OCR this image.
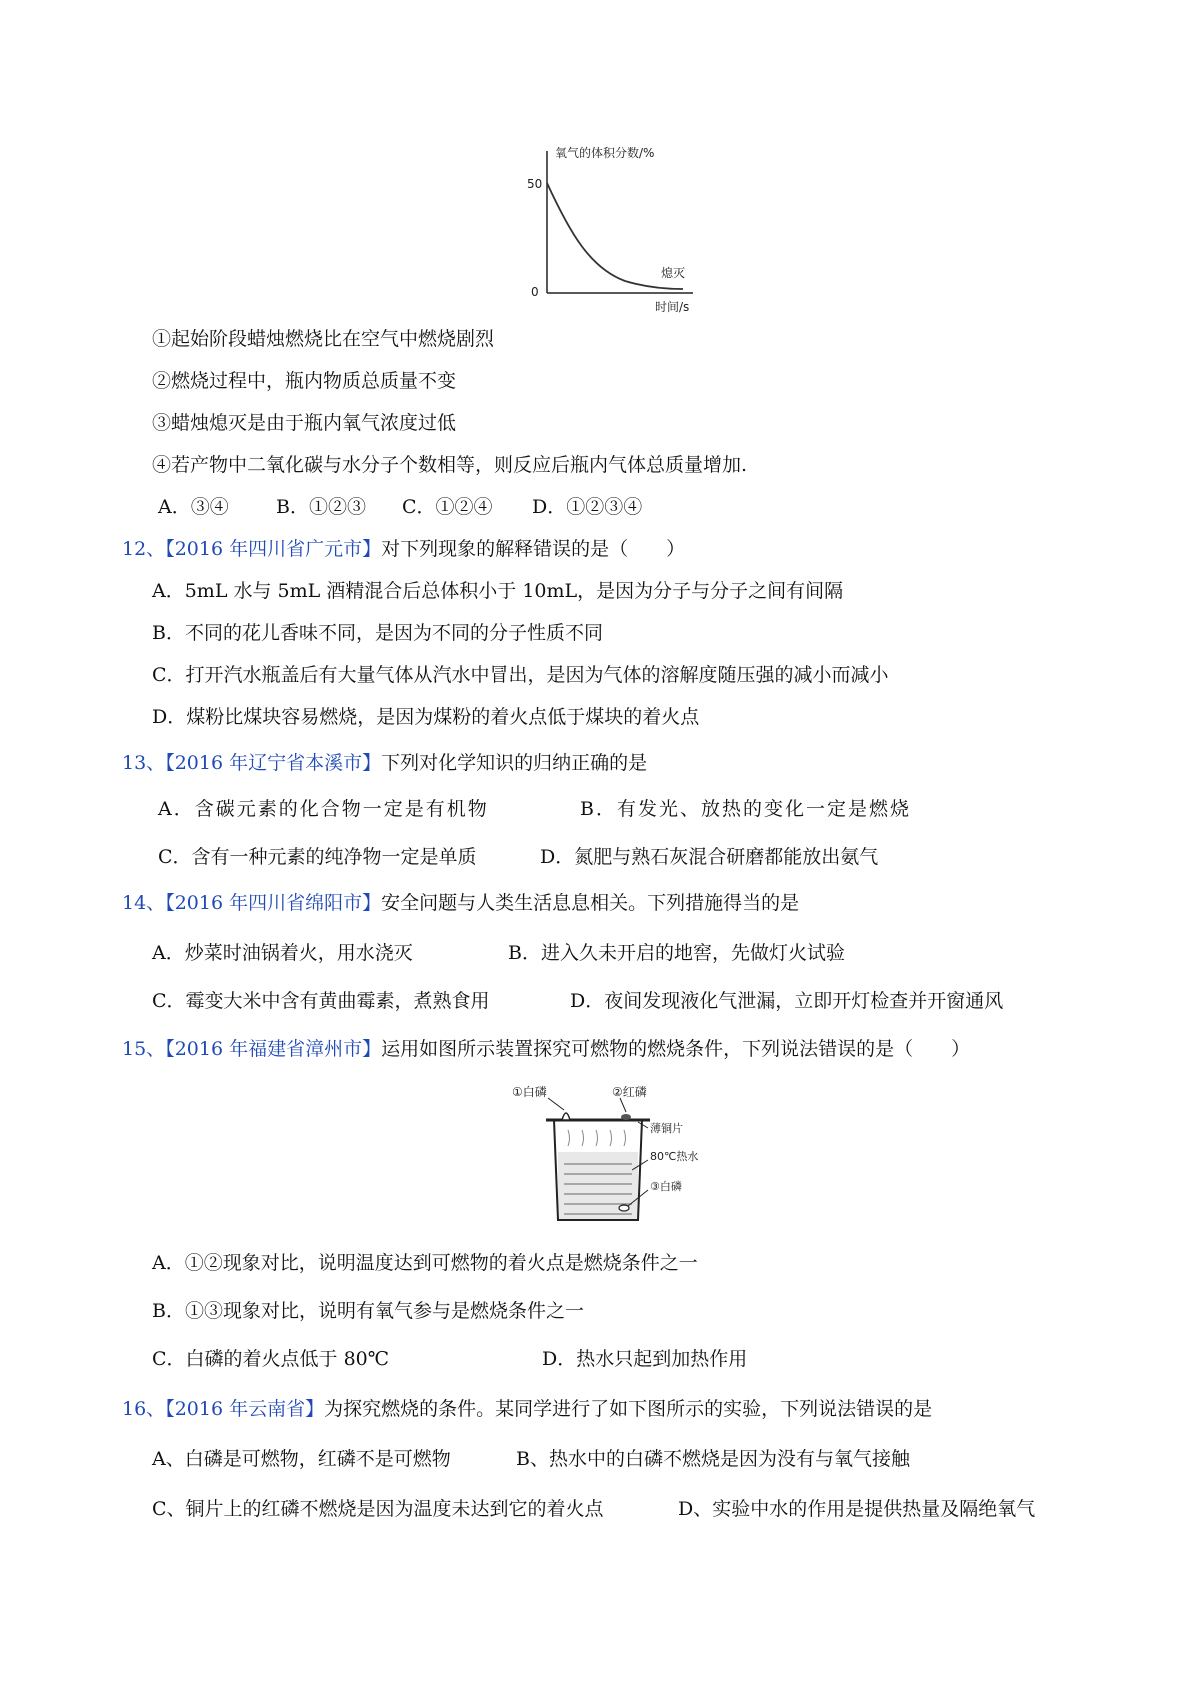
氧气的体积分数/%
50
0
熄灭
时间/s
①起始阶段蜡烛燃烧比在空气中燃烧剧烈
②燃烧过程中，瓶内物质总质量不变
③蜡烛熄灭是由于瓶内氧气浓度过低
④若产物中二氧化碳与水分子个数相等，则反应后瓶内气体总质量增加.
A．③④ B．①②③ C．①②④ D．①②③④
12、【2016 年四川省广元市】对下列现象的解释错误的是（　　）
A．5mL 水与 5mL 酒精混合后总体积小于 10mL，是因为分子与分子之间有间隔
B．不同的花儿香味不同，是因为不同的分子性质不同
C．打开汽水瓶盖后有大量气体从汽水中冒出，是因为气体的溶解度随压强的减小而减小
D．煤粉比煤块容易燃烧，是因为煤粉的着火点低于煤块的着火点
13、【2016 年辽宁省本溪市】下列对化学知识的归纳正确的是
A．含碳元素的化合物一定是有机物	B．有发光、放热的变化一定是燃烧
C．含有一种元素的纯净物一定是单质	D．氮肥与熟石灰混合研磨都能放出氨气
14、【2016 年四川省绵阳市】安全问题与人类生活息息相关。下列措施得当的是
A．炒菜时油锅着火，用水浇灭	B．进入久未开启的地窖，先做灯火试验
C．霉变大米中含有黄曲霉素，煮熟食用	D．夜间发现液化气泄漏，立即开灯检查并开窗通风
15、【2016 年福建省漳州市】运用如图所示装置探究可燃物的燃烧条件，下列说法错误的是（　　）
①白磷	②红磷
薄铜片
80℃热水
③白磷
A．①②现象对比，说明温度达到可燃物的着火点是燃烧条件之一
B．①③现象对比，说明有氧气参与是燃烧条件之一
C．白磷的着火点低于 80℃	D．热水只起到加热作用
16、【2016 年云南省】为探究燃烧的条件。某同学进行了如下图所示的实验，下列说法错误的是
A、白磷是可燃物，红磷不是可燃物	B、热水中的白磷不燃烧是因为没有与氧气接触
C、铜片上的红磷不燃烧是因为温度未达到它的着火点	D、实验中水的作用是提供热量及隔绝氧气
